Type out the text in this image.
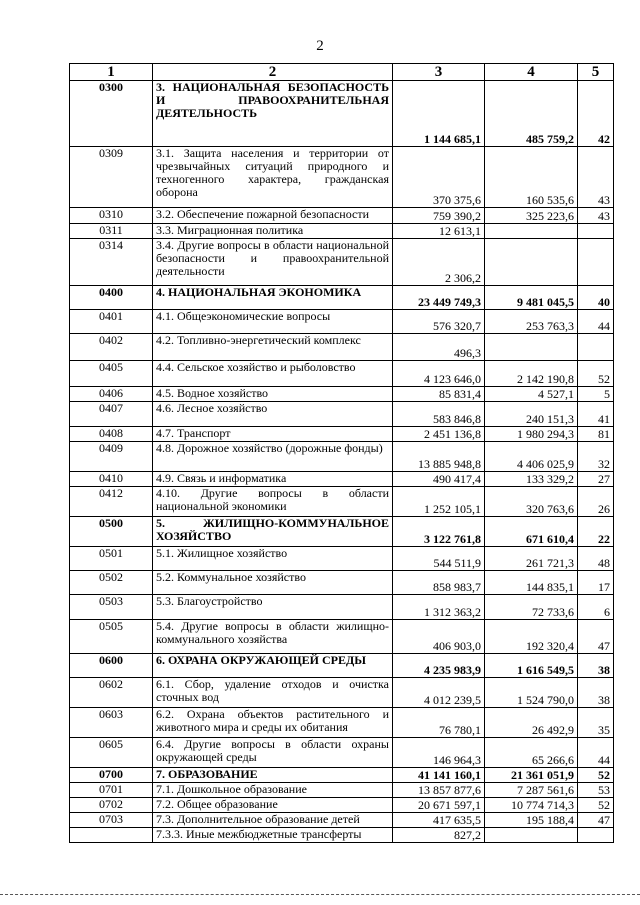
2
1	2	3	4	5
0300	3. НАЦИОНАЛЬНАЯ БЕЗОПАСНОСТЬ И ПРАВООХРАНИТЕЛЬНАЯ ДЕЯТЕЛЬНОСТЬ	1 144 685,1	485 759,2	42
0309	3.1. Защита населения и территории от чрезвычайных ситуаций природного и техногенного характера, гражданская оборона	370 375,6	160 535,6	43
0310	3.2. Обеспечение пожарной безопасности	759 390,2	325 223,6	43
0311	3.3. Миграционная политика	12 613,1		
0314	3.4. Другие вопросы в области национальной безопасности и правоохранительной деятельности	2 306,2		
0400	4. НАЦИОНАЛЬНАЯ ЭКОНОМИКА	23 449 749,3	9 481 045,5	40
0401	4.1. Общеэкономические вопросы	576 320,7	253 763,3	44
0402	4.2. Топливно-энергетический комплекс	496,3		
0405	4.4. Сельское хозяйство и рыболовство	4 123 646,0	2 142 190,8	52
0406	4.5. Водное хозяйство	85 831,4	4 527,1	5
0407	4.6. Лесное хозяйство	583 846,8	240 151,3	41
0408	4.7. Транспорт	2 451 136,8	1 980 294,3	81
0409	4.8. Дорожное хозяйство (дорожные фонды)	13 885 948,8	4 406 025,9	32
0410	4.9. Связь и информатика	490 417,4	133 329,2	27
0412	4.10. Другие вопросы в области национальной экономики	1 252 105,1	320 763,6	26
0500	5. ЖИЛИЩНО-КОММУНАЛЬНОЕ ХОЗЯЙСТВО	3 122 761,8	671 610,4	22
0501	5.1. Жилищное хозяйство	544 511,9	261 721,3	48
0502	5.2. Коммунальное хозяйство	858 983,7	144 835,1	17
0503	5.3. Благоустройство	1 312 363,2	72 733,6	6
0505	5.4. Другие вопросы в области жилищно-коммунального хозяйства	406 903,0	192 320,4	47
0600	6. ОХРАНА ОКРУЖАЮЩЕЙ СРЕДЫ	4 235 983,9	1 616 549,5	38
0602	6.1. Сбор, удаление отходов и очистка сточных вод	4 012 239,5	1 524 790,0	38
0603	6.2. Охрана объектов растительного и животного мира и среды их обитания	76 780,1	26 492,9	35
0605	6.4. Другие вопросы в области охраны окружающей среды	146 964,3	65 266,6	44
0700	7. ОБРАЗОВАНИЕ	41 141 160,1	21 361 051,9	52
0701	7.1. Дошкольное образование	13 857 877,6	7 287 561,6	53
0702	7.2. Общее образование	20 671 597,1	10 774 714,3	52
0703	7.3. Дополнительное образование детей	417 635,5	195 188,4	47
	7.3.3. Иные межбюджетные трансферты	827,2		
